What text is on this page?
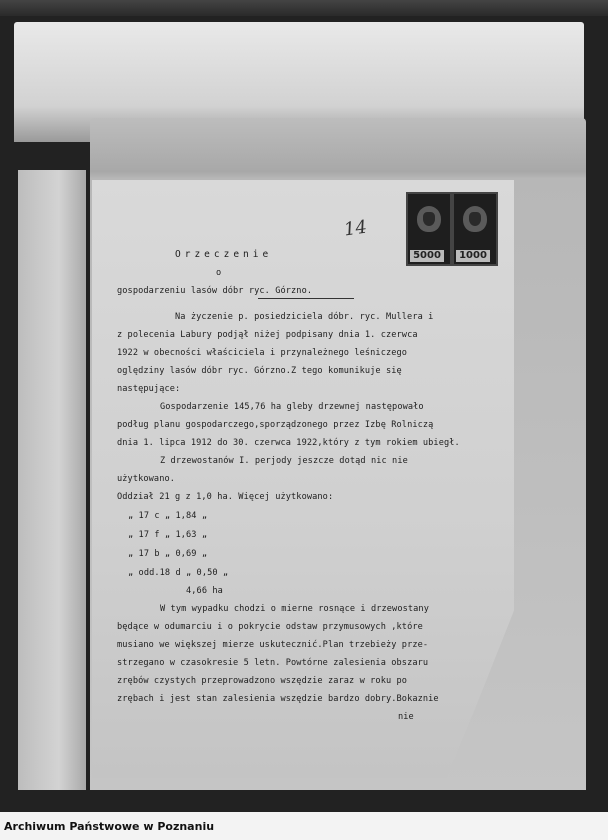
14
5000	1000
Orzeczenie
o
gospodarzeniu lasów dóbr ryc. Górzno.
Na życzenie p. posiedziciela dóbr. ryc. Mullera i
z polecenia Labury podjął niżej podpisany dnia 1. czerwca
1922 w obecności właściciela i przynależnego leśniczego
oględziny lasów dóbr ryc. Górzno.Z tego komunikuje się
następujące:
Gospodarzenie 145,76 ha gleby drzewnej następowało
podług planu gospodarczego,sporządzonego przez Izbę Rolniczą
dnia 1. lipca 1912 do 30. czerwca 1922,który z tym rokiem ubiegł.
Z drzewostanów I. perjody jeszcze dotąd nic nie
użytkowano.
Oddział 21 g z 1,0 ha. Więcej użytkowano:
„ 17 c „ 1,84 „
„ 17 f „ 1,63 „
„ 17 b „ 0,69 „
„ odd.18 d „ 0,50 „
4,66 ha
W tym wypadku chodzi o mierne rosnące i drzewostany
będące w odumarciu i o pokrycie odstaw przymusowych ,które
musiano we większej mierze uskutecznić.Plan trzebieży prze-
strzegano w czasokresie 5 letn. Powtórne zalesienia obszaru
zrębów czystych przeprowadzono wszędzie zaraz w roku po
zrębach i jest stan zalesienia wszędzie bardzo dobry.Bokaznie
nie
Archiwum Państwowe w Poznaniu
